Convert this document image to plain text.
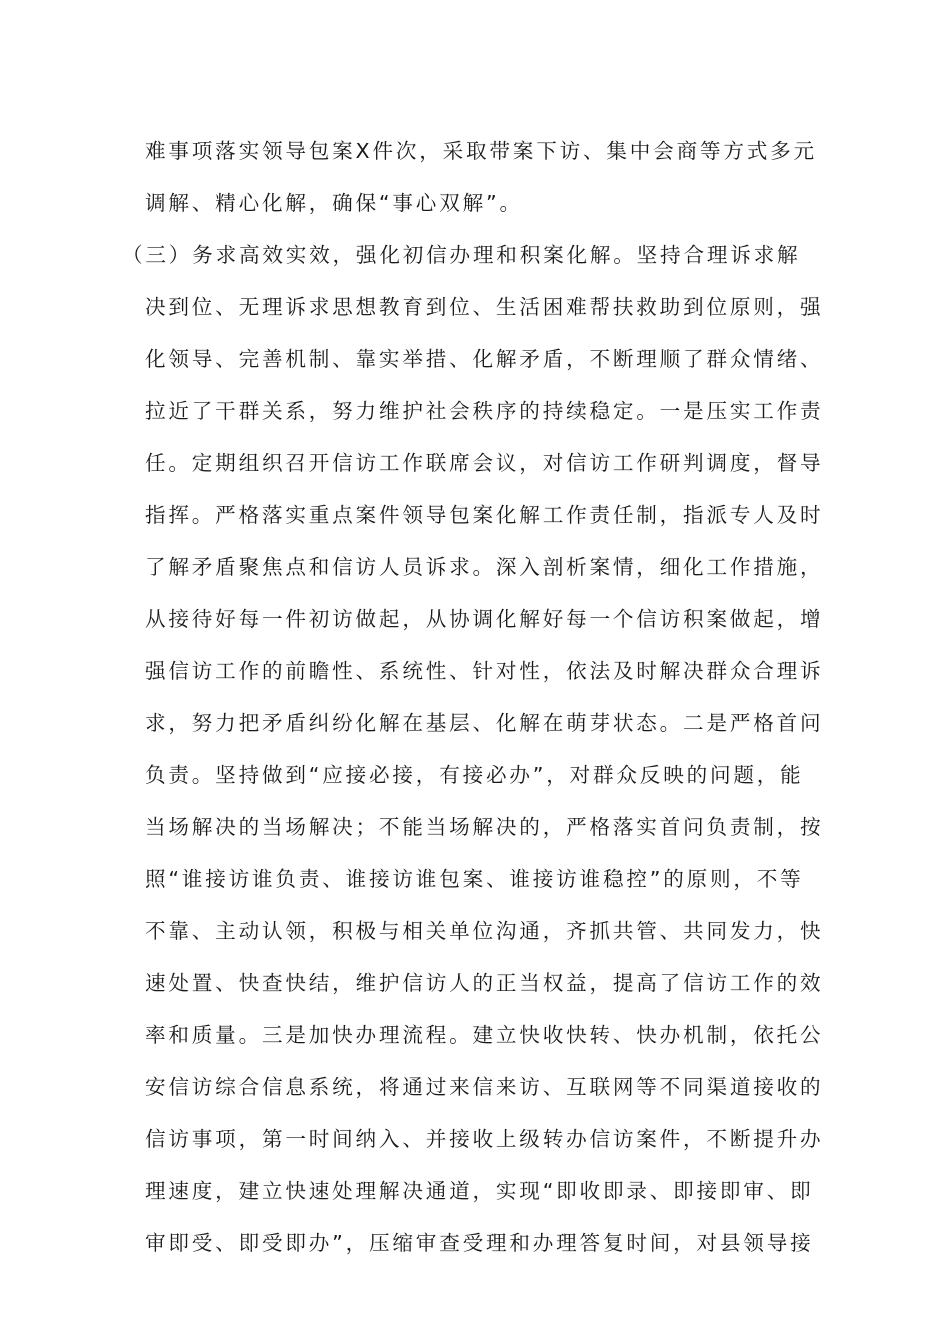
难事项落实领导包案X件次，采取带案下访、集中会商等方式多元
调解、精心化解，确保“事心双解”。
（三）务求高效实效，强化初信办理和积案化解。坚持合理诉求解
决到位、无理诉求思想教育到位、生活困难帮扶救助到位原则，强
化领导、完善机制、靠实举措、化解矛盾，不断理顺了群众情绪、
拉近了干群关系，努力维护社会秩序的持续稳定。一是压实工作责
任。定期组织召开信访工作联席会议，对信访工作研判调度，督导
指挥。严格落实重点案件领导包案化解工作责任制，指派专人及时
了解矛盾聚焦点和信访人员诉求。深入剖析案情，细化工作措施，
从接待好每一件初访做起，从协调化解好每一个信访积案做起，增
强信访工作的前瞻性、系统性、针对性，依法及时解决群众合理诉
求，努力把矛盾纠纷化解在基层、化解在萌芽状态。二是严格首问
负责。坚持做到“应接必接，有接必办”，对群众反映的问题，能
当场解决的当场解决；不能当场解决的，严格落实首问负责制，按
照“谁接访谁负责、谁接访谁包案、谁接访谁稳控”的原则，不等
不靠、主动认领，积极与相关单位沟通，齐抓共管、共同发力，快
速处置、快查快结，维护信访人的正当权益，提高了信访工作的效
率和质量。三是加快办理流程。建立快收快转、快办机制，依托公
安信访综合信息系统，将通过来信来访、互联网等不同渠道接收的
信访事项，第一时间纳入、并接收上级转办信访案件，不断提升办
理速度，建立快速处理解决通道，实现“即收即录、即接即审、即
审即受、即受即办”，压缩审查受理和办理答复时间，对县领导接
